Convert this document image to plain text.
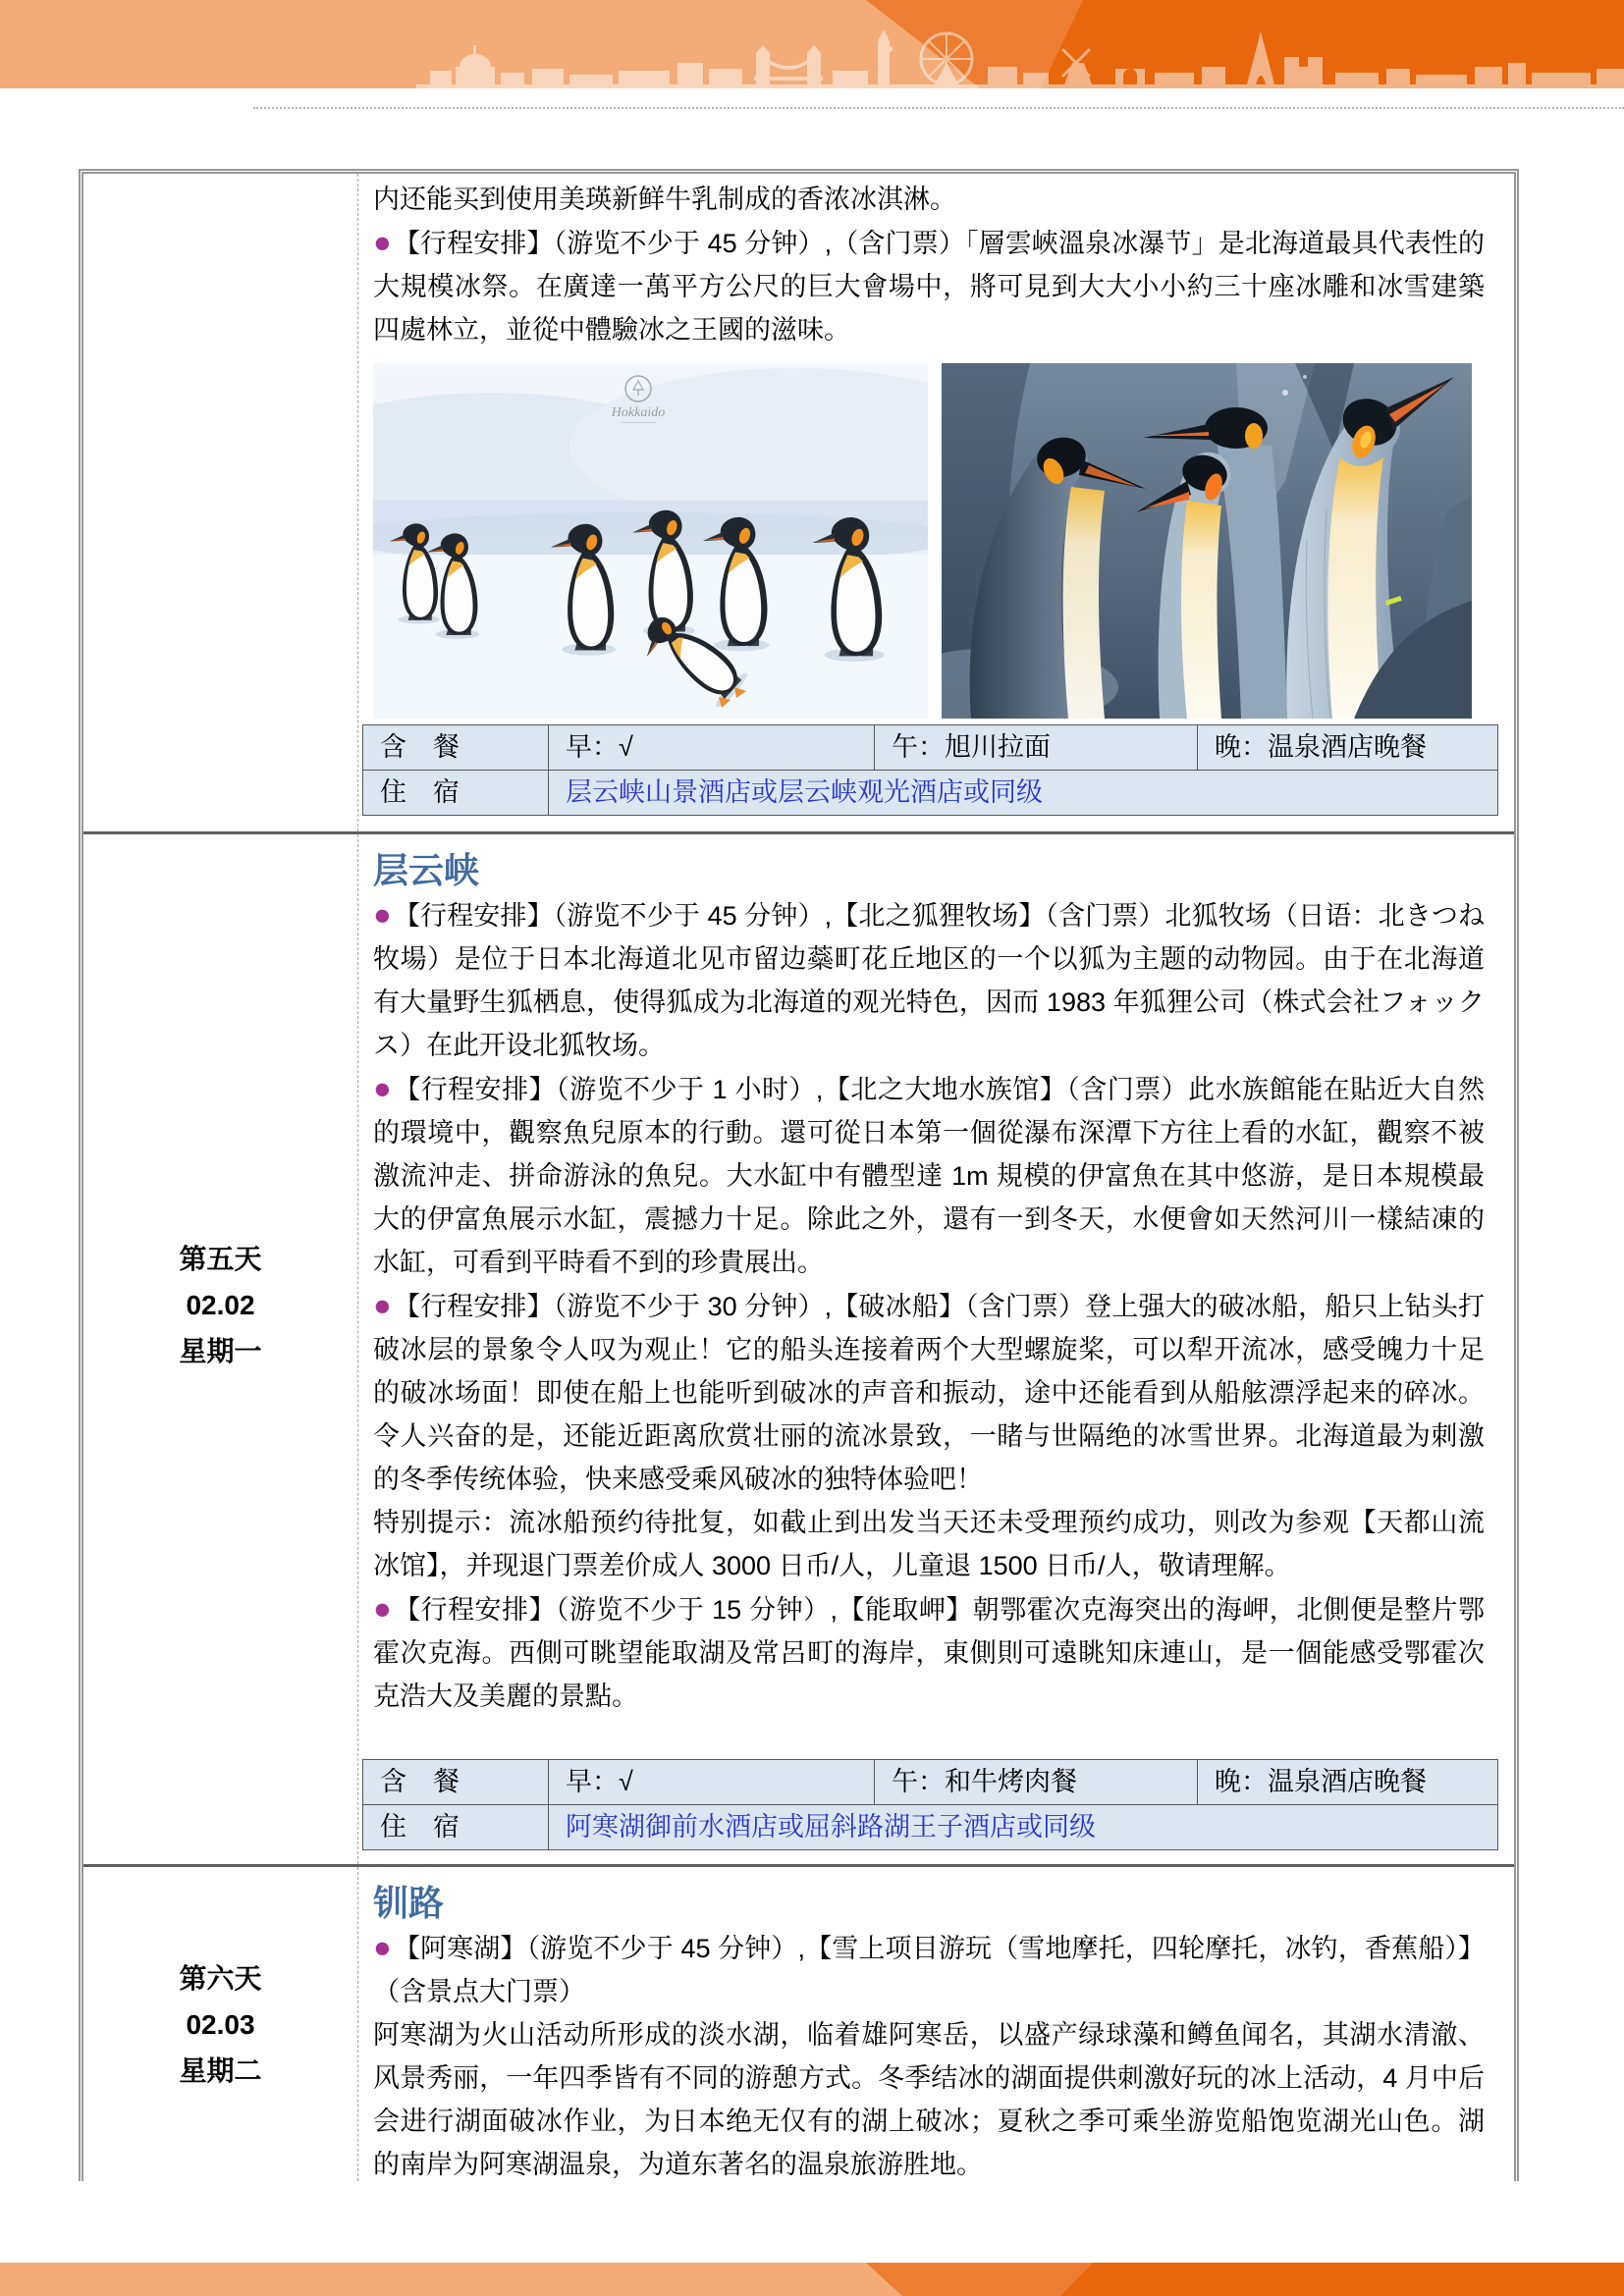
内还能买到使用美瑛新鲜牛乳制成的香浓冰淇淋。

●【行程安排】（游览不少于 45 分钟）,（含门票）「層雲峽溫泉冰瀑节」是北海道最具代表性的大規模冰祭。在廣達一萬平方公尺的巨大會場中，將可見到大大小小約三十座冰雕和冰雪建築四處林立，並從中體驗冰之王國的滋味。

Hokkaido
含　餐	早：√	午：旭川拉面	晚：温泉酒店晚餐
住　宿	层云峡山景酒店或层云峡观光酒店或同级
第五天
02.02
星期一
层云峡

●【行程安排】（游览不少于 45 分钟）,【北之狐狸牧场】（含门票）北狐牧场（日语：北きつね牧場）是位于日本北海道北见市留边蘂町花丘地区的一个以狐为主题的动物园。由于在北海道有大量野生狐栖息，使得狐成为北海道的观光特色，因而 1983 年狐狸公司（株式会社フォックス）在此开设北狐牧场。

●【行程安排】（游览不少于 1 小时）,【北之大地水族馆】（含门票）此水族館能在貼近大自然的環境中，觀察魚兒原本的行動。還可從日本第一個從瀑布深潭下方往上看的水缸，觀察不被激流沖走、拼命游泳的魚兒。大水缸中有體型達 1m 規模的伊富魚在其中悠游，是日本規模最大的伊富魚展示水缸，震撼力十足。除此之外，還有一到冬天，水便會如天然河川一樣結凍的水缸，可看到平時看不到的珍貴展出。

●【行程安排】（游览不少于 30 分钟）,【破冰船】（含门票）登上强大的破冰船，船只上钻头打破冰层的景象令人叹为观止！它的船头连接着两个大型螺旋桨，可以犁开流冰，感受魄力十足的破冰场面！即使在船上也能听到破冰的声音和振动，途中还能看到从船舷漂浮起来的碎冰。令人兴奋的是，还能近距离欣赏壮丽的流冰景致，一睹与世隔绝的冰雪世界。北海道最为刺激的冬季传统体验，快来感受乘风破冰的独特体验吧！

特别提示：流冰船预约待批复，如截止到出发当天还未受理预约成功，则改为参观【天都山流冰馆】，并现退门票差价成人 3000 日币/人，儿童退 1500 日币/人，敬请理解。

●【行程安排】（游览不少于 15 分钟）,【能取岬】朝鄂霍次克海突出的海岬，北側便是整片鄂霍次克海。西側可眺望能取湖及常呂町的海岸，東側則可遠眺知床連山，是一個能感受鄂霍次克浩大及美麗的景點。

含　餐	早：√	午：和牛烤肉餐	晚：温泉酒店晚餐
住　宿	阿寒湖御前水酒店或屈斜路湖王子酒店或同级
第六天
02.03
星期二
钏路

●【阿寒湖】（游览不少于 45 分钟）,【雪上项目游玩（雪地摩托，四轮摩托，冰钓，香蕉船）】（含景点大门票）

阿寒湖为火山活动所形成的淡水湖，临着雄阿寒岳，以盛产绿球藻和鳟鱼闻名，其湖水清澈、风景秀丽，一年四季皆有不同的游憩方式。冬季结冰的湖面提供刺激好玩的冰上活动，4 月中后会进行湖面破冰作业，为日本绝无仅有的湖上破冰；夏秋之季可乘坐游览船饱览湖光山色。湖的南岸为阿寒湖温泉，为道东著名的温泉旅游胜地。
